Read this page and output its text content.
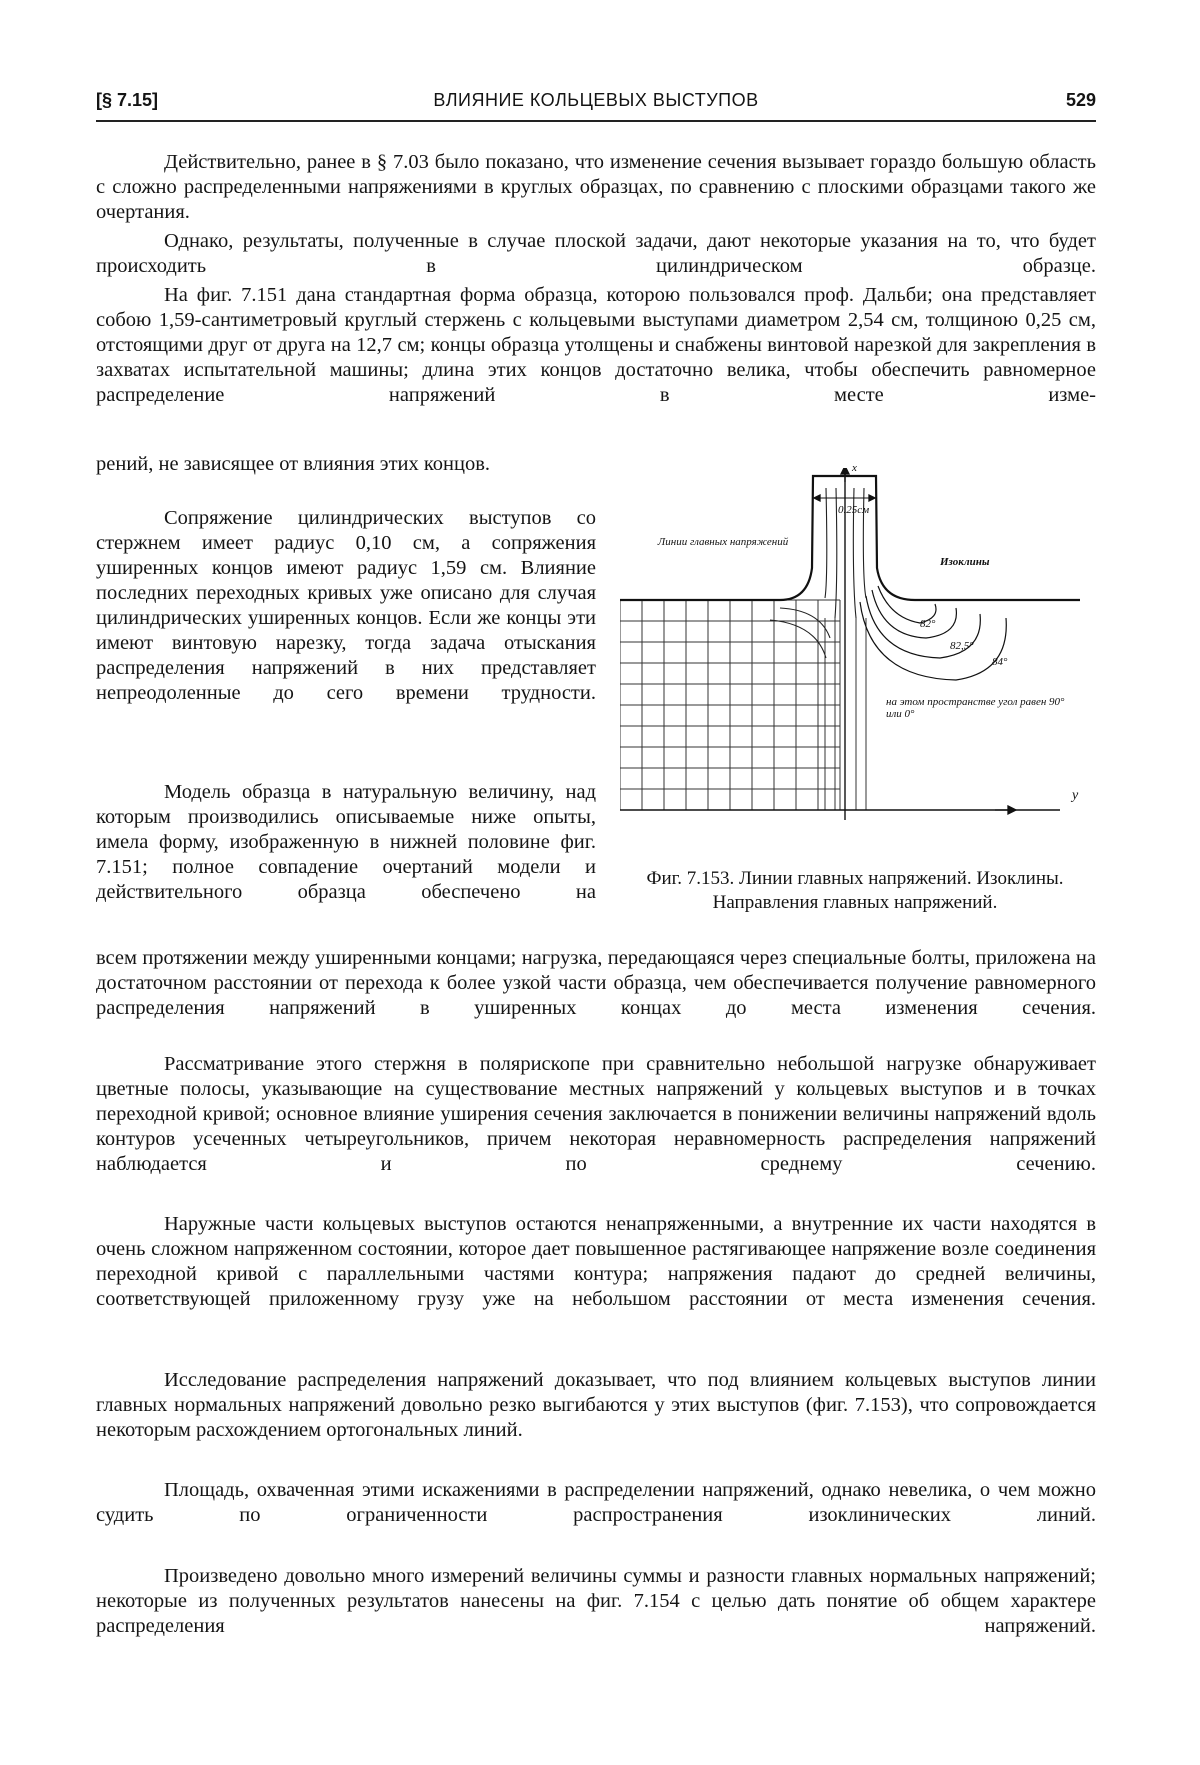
[§ 7.15]	ВЛИЯНИЕ КОЛЬЦЕВЫХ ВЫСТУПОВ	529

Действительно, ранее в § 7.03 было показано, что изменение сечения вызывает гораздо большую область с сложно распределенными напряжениями в круглых образцах, по сравнению с плоскими образцами такого же очертания.

Однако, результаты, полученные в случае плоской задачи, дают некоторые указания на то, что будет происходить в цилиндрическом образце.

На фиг. 7.151 дана стандартная форма образца, которою пользовался проф. Дальби; она представляет собою 1,59-сантиметровый круглый стержень с кольцевыми выступами диаметром 2,54 см, толщиною 0,25 см, отстоящими друг от друга на 12,7 см; концы образца утолщены и снабжены винтовой нарезкой для закрепления в захватах испытательной машины; длина этих концов достаточно велика, чтобы обеспечить равномерное распределение напряжений в месте изме-

рений, не зависящее от влияния этих концов.

Сопряжение цилиндрических выступов со стержнем имеет радиус 0,10 см, а сопряжения уширенных концов имеют радиус 1,59 см. Влияние последних переходных кривых уже описано для случая цилиндрических уширенных концов. Если же концы эти имеют винтовую нарезку, тогда задача отыскания распределения напряжений в них представляет непреодоленные до сего времени трудности.

Модель образца в натуральную величину, над которым производились описываемые ниже опыты, имела форму, изображенную в нижней половине фиг. 7.151; полное совпадение очертаний модели и действительного образца обеспечено на

всем протяжении между уширенными концами; нагрузка, передающаяся через специальные болты, приложена на достаточном расстоянии от перехода к более узкой части образца, чем обеспечивается получение равномерного распределения напряжений в уширенных концах до места изменения сечения.

Рассматривание этого стержня в полярископе при сравнительно небольшой нагрузке обнаруживает цветные полосы, указывающие на существование местных напряжений у кольцевых выступов и в точках переходной кривой; основное влияние уширения сечения заключается в понижении величины напряжений вдоль контуров усеченных четыреугольников, причем некоторая неравномерность распределения напряжений наблюдается и по среднему сечению.

Наружные части кольцевых выступов остаются ненапряженными, а внутренние их части находятся в очень сложном напряженном состоянии, которое дает повышенное растягивающее напряжение возле соединения переходной кривой с параллельными частями контура; напряжения падают до средней величины, соответствующей приложенному грузу уже на небольшом расстоянии от места изменения сечения.

Исследование распределения напряжений доказывает, что под влиянием кольцевых выступов линии главных нормальных напряжений довольно резко выгибаются у этих выступов (фиг. 7.153), что сопровождается некоторым расхождением ортогональных линий.

Площадь, охваченная этими искажениями в распределении напряжений, однако невелика, о чем можно судить по ограниченности распространения изоклинических линий.

Произведено довольно много измерений величины суммы и разности главных нормальных напряжений; некоторые из полученных результатов нанесены на фиг. 7.154 с целью дать понятие об общем характере распределения напряжений.

x
0.25см
Линии главных напряжений
Изоклины
82°
82,5°
84°
на этом пространстве угол равен 90° или 0°
y

Фиг. 7.153. Линии главных напряжений. Изоклины. Направления главных напряжений.
